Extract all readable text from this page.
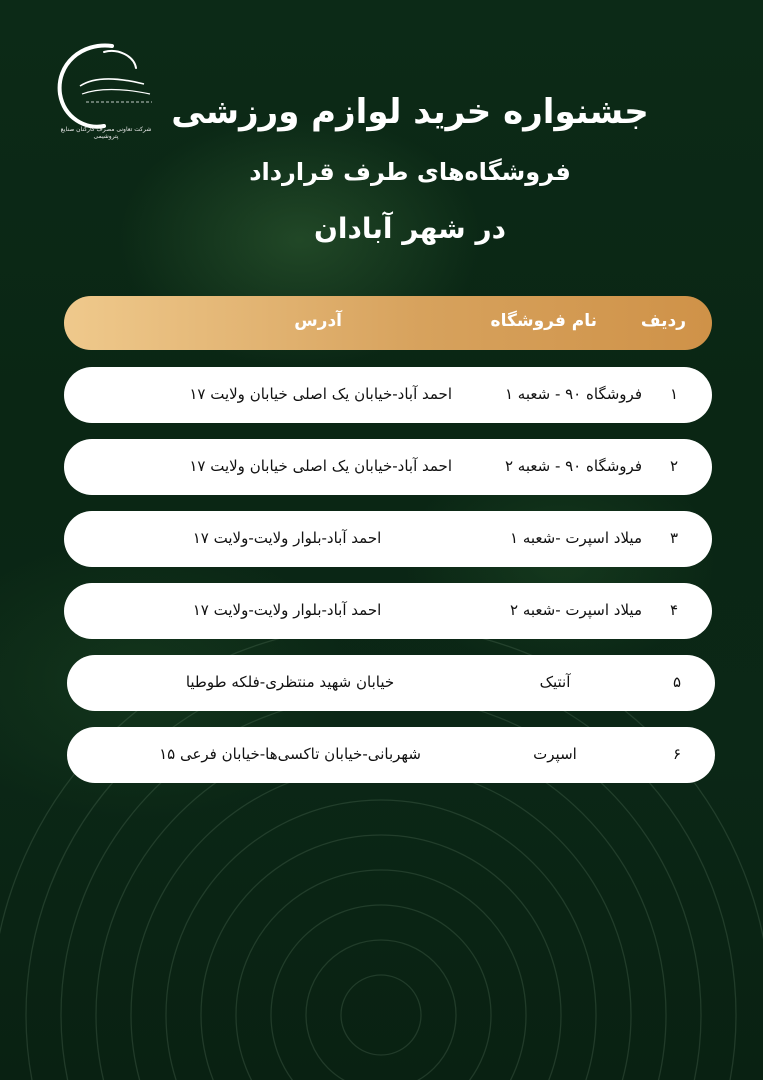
شرکت تعاونی مصرف کارکنان صنایع پتروشیمی
جشنواره خرید لوازم ورزشی
فروشگاه‌های طرف قرارداد
در شهر آبادان
ردیف
نام فروشگاه
آدرس
۱
فروشگاه ۹۰ - شعبه ۱
احمد آباد-خیابان یک اصلی خیابان ولایت ۱۷
۲
فروشگاه ۹۰ - شعبه ۲
احمد آباد-خیابان یک اصلی خیابان ولایت ۱۷
۳
میلاد اسپرت -شعبه ۱
احمد آباد-بلوار ولایت-ولایت ۱۷
۴
میلاد اسپرت -شعبه ۲
احمد آباد-بلوار ولایت-ولایت ۱۷
۵
آنتیک
خیابان شهید منتظری-فلکه طوطیا
۶
اسپرت
شهربانی-خیابان تاکسی‌ها-خیابان فرعی ۱۵
